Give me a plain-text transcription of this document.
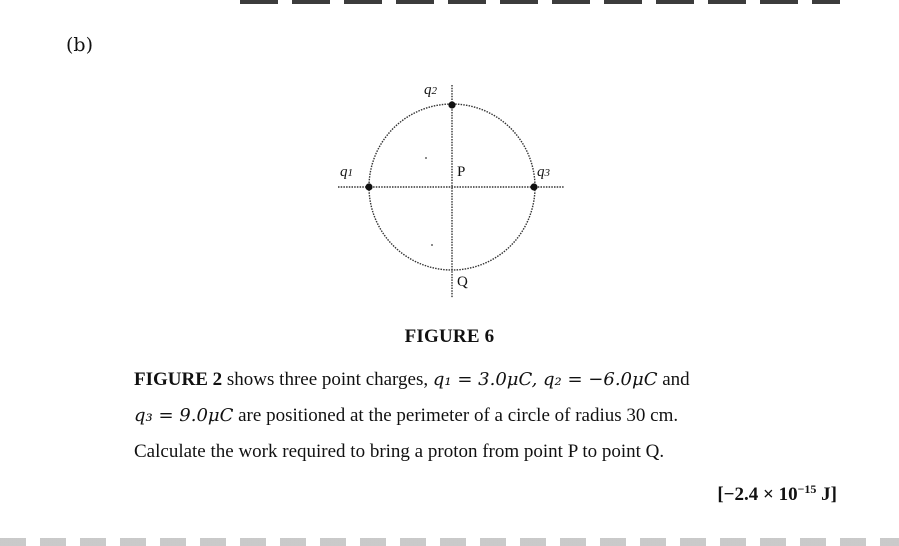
(b)
q2
q1	q3
P
Q
FIGURE 6
FIGURE 2 shows three point charges, q₁ = 3.0μC, q₂ = −6.0μC and
q₃ = 9.0μC are positioned at the perimeter of a circle of radius 30 cm.
Calculate the work required to bring a proton from point P to point Q.
[$-2.4 \times 10^{-15}$ J]
